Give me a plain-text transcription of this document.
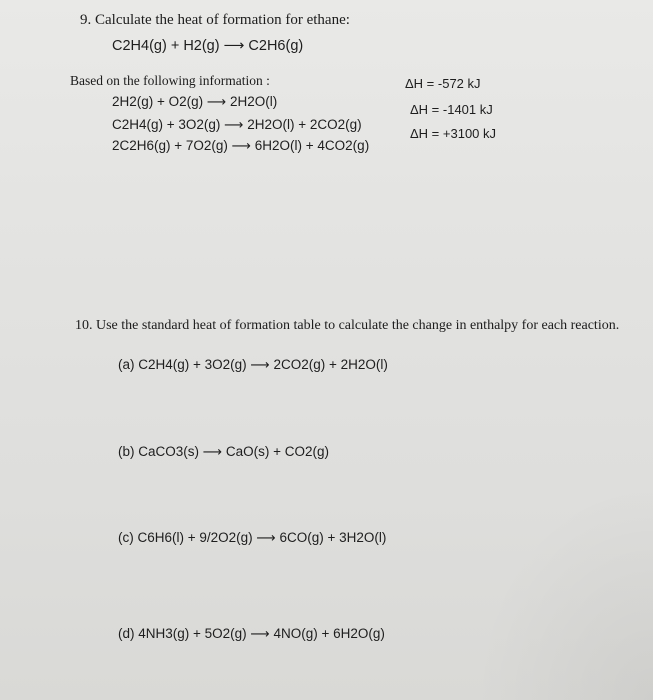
9. Calculate the heat of formation for ethane:
C2H4(g) + H2(g) ⟶ C2H6(g)
Based on the following information :
2H2(g) + O2(g) ⟶ 2H2O(l)
C2H4(g) + 3O2(g) ⟶ 2H2O(l) + 2CO2(g)
2C2H6(g) + 7O2(g) ⟶ 6H2O(l) + 4CO2(g)
ΔH = -572 kJ
ΔH = -1401 kJ
ΔH = +3100 kJ
10. Use the standard heat of formation table to calculate the change in enthalpy for each reaction.
(a) C2H4(g) + 3O2(g) ⟶ 2CO2(g) + 2H2O(l)
(b) CaCO3(s) ⟶ CaO(s) + CO2(g)
(c) C6H6(l) + 9/2O2(g) ⟶ 6CO(g) + 3H2O(l)
(d) 4NH3(g) + 5O2(g) ⟶ 4NO(g) + 6H2O(g)
